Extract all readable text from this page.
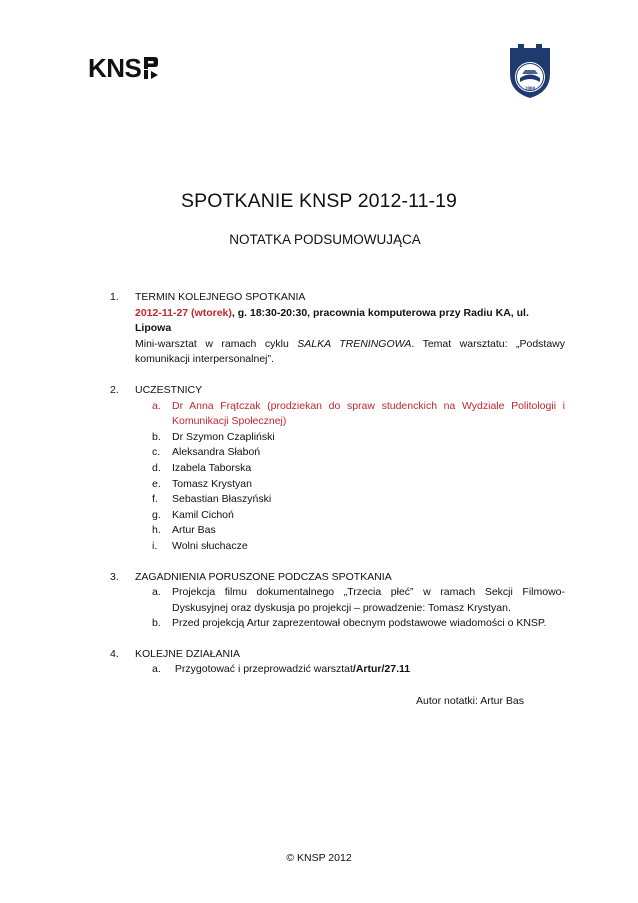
KNS
2000
SPOTKANIE KNSP 2012-11-19
NOTATKA PODSUMOWUJĄCA
1.	TERMIN KOLEJNEGO SPOTKANIA
2012-11-27 (wtorek), g. 18:30-20:30, pracownia komputerowa przy Radiu KA, ul. Lipowa
Mini-warsztat w ramach cyklu SALKA TRENINGOWA. Temat warsztatu: „Podstawy komunikacji interpersonalnej”.
2.	UCZESTNICY
a. Dr Anna Frątczak (prodziekan do spraw studenckich na Wydziale Politologii i Komunikacji Społecznej)
b. Dr Szymon Czapliński
c. Aleksandra Słaboń
d. Izabela Taborska
e. Tomasz Krystyan
f. Sebastian Błaszyński
g. Kamil Cichoń
h. Artur Bas
i. Wolni słuchacze
3.	ZAGADNIENIA PORUSZONE PODCZAS SPOTKANIA
a. Projekcja filmu dokumentalnego „Trzecia płeć” w ramach Sekcji Filmowo-Dyskusyjnej oraz dyskusja po projekcji – prowadzenie: Tomasz Krystyan.
b. Przed projekcją Artur zaprezentował obecnym podstawowe wiadomości o KNSP.
4.	KOLEJNE DZIAŁANIA
a. Przygotować i przeprowadzić warsztat/Artur/27.11
Autor notatki: Artur Bas
© KNSP 2012
